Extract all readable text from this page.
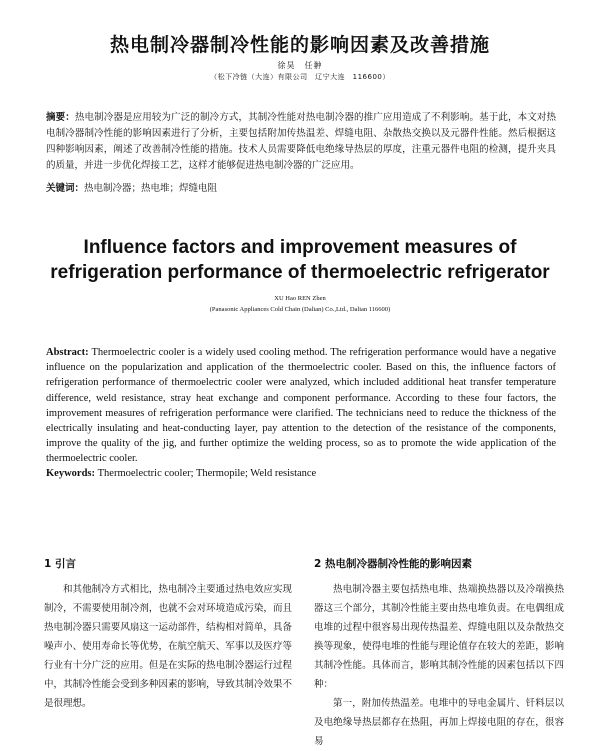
热电制冷器制冷性能的影响因素及改善措施
徐昊　任翀
（松下冷链（大连）有限公司　辽宁大连　116600）
摘要：热电制冷器是应用较为广泛的制冷方式，其制冷性能对热电制冷器的推广应用造成了不利影响。基于此，本文对热电制冷器制冷性能的影响因素进行了分析，主要包括附加传热温差、焊缝电阻、杂散热交换以及元器件性能。然后根据这四种影响因素，阐述了改善制冷性能的措施。技术人员需要降低电绝缘导热层的厚度，注重元器件电阻的检测，提升夹具的质量，并进一步优化焊接工艺，这样才能够促进热电制冷器的广泛应用。
关键词：热电制冷器；热电堆；焊缝电阻
Influence factors and improvement measures of refrigeration performance of thermoelectric refrigerator
XU Hao REN Zhen
(Panasonic Appliances Cold Chain (Dalian) Co.,Ltd., Dalian 116600)
Abstract: Thermoelectric cooler is a widely used cooling method. The refrigeration performance would have a negative influence on the popularization and application of the thermoelectric cooler. Based on this, the influence factors of refrigeration performance of thermoelectric cooler were analyzed, which included additional heat transfer temperature difference, weld resistance, stray heat exchange and component performance. According to these four factors, the improvement measures of refrigeration performance were clarified. The technicians need to reduce the thickness of the electrically insulating and heat-conducting layer, pay attention to the detection of the resistance of the components, improve the quality of the jig, and further optimize the welding process, so as to promote the wide application of the thermoelectric cooler.
Keywords: Thermoelectric cooler; Thermopile; Weld resistance
1 引言

和其他制冷方式相比，热电制冷主要通过热电效应实现制冷，不需要使用制冷剂，也就不会对环境造成污染，而且热电制冷器只需要风扇这一运动部件，结构相对简单，具备噪声小、使用寿命长等优势，在航空航天、军事以及医疗等行业有十分广泛的应用。但是在实际的热电制冷器运行过程中，其制冷性能会受到多种因素的影响，导致其制冷效果不是很理想。

2 热电制冷器制冷性能的影响因素

热电制冷器主要包括热电堆、热端换热器以及冷端换热器这三个部分，其制冷性能主要由热电堆负责。在电偶组成电堆的过程中很容易出现传热温差、焊缝电阻以及杂散热交换等现象，使得电堆的性能与理论值存在较大的差距，影响其制冷性能。具体而言，影响其制冷性能的因素包括以下四种：

第一，附加传热温差。电堆中的导电金属片、钎料层以及电绝缘导热层都存在热阻，再加上焊接电阻的存在，很容易
